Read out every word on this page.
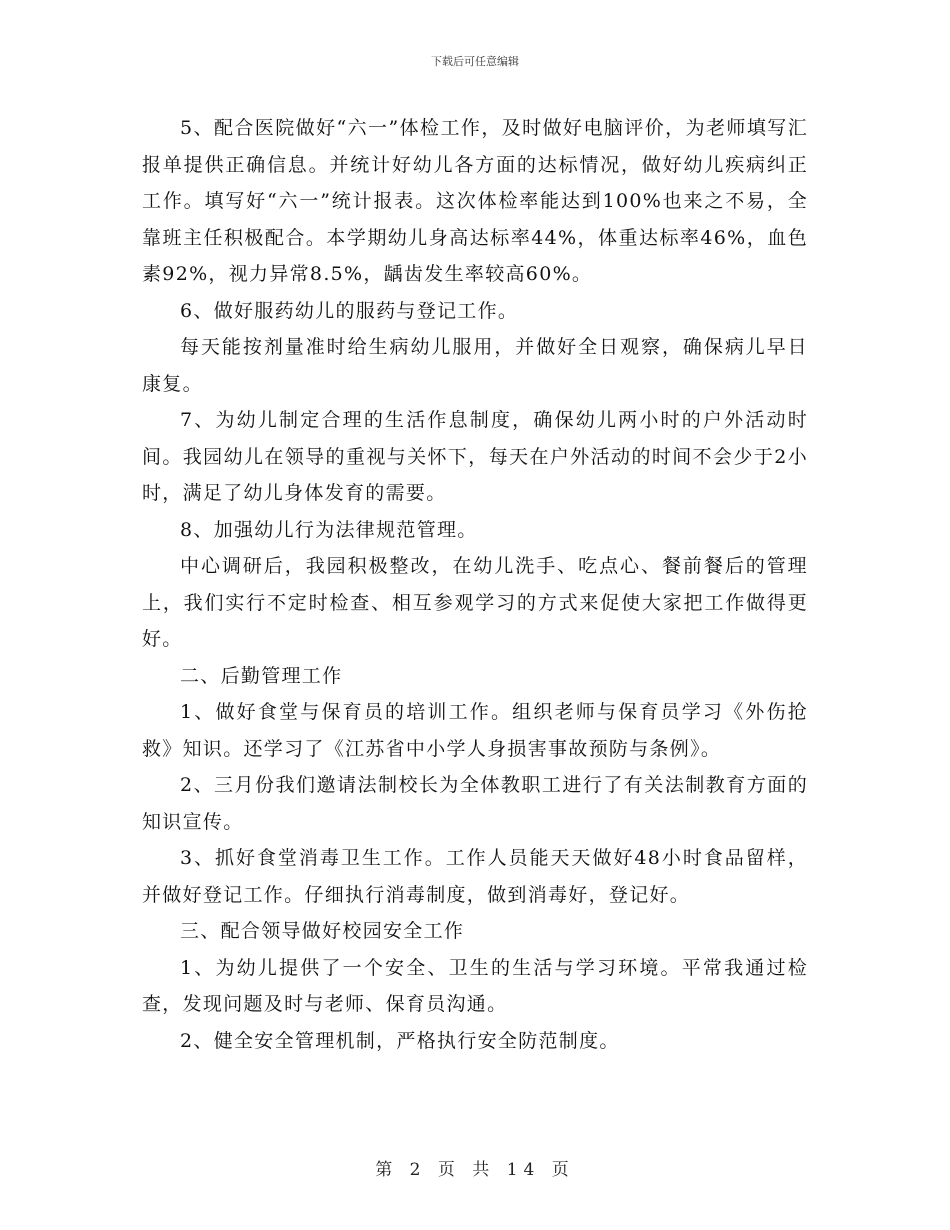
下载后可任意编辑

5、配合医院做好“六一”体检工作，及时做好电脑评价，为老师填写汇报单提供正确信息。并统计好幼儿各方面的达标情况，做好幼儿疾病纠正工作。填写好“六一”统计报表。这次体检率能达到100%也来之不易，全靠班主任积极配合。本学期幼儿身高达标率44%，体重达标率46%，血色素92%，视力异常8.5%，龋齿发生率较高60%。

6、做好服药幼儿的服药与登记工作。

每天能按剂量准时给生病幼儿服用，并做好全日观察，确保病儿早日康复。

7、为幼儿制定合理的生活作息制度，确保幼儿两小时的户外活动时间。我园幼儿在领导的重视与关怀下，每天在户外活动的时间不会少于2小时，满足了幼儿身体发育的需要。

8、加强幼儿行为法律规范管理。

中心调研后，我园积极整改，在幼儿洗手、吃点心、餐前餐后的管理上，我们实行不定时检查、相互参观学习的方式来促使大家把工作做得更好。

二、后勤管理工作

1、做好食堂与保育员的培训工作。组织老师与保育员学习《外伤抢救》知识。还学习了《江苏省中小学人身损害事故预防与条例》。

2、三月份我们邀请法制校长为全体教职工进行了有关法制教育方面的知识宣传。

3、抓好食堂消毒卫生工作。工作人员能天天做好48小时食品留样，并做好登记工作。仔细执行消毒制度，做到消毒好，登记好。

三、配合领导做好校园安全工作

1、为幼儿提供了一个安全、卫生的生活与学习环境。平常我通过检查，发现问题及时与老师、保育员沟通。

2、健全安全管理机制，严格执行安全防范制度。

第 2 页 共 14 页
